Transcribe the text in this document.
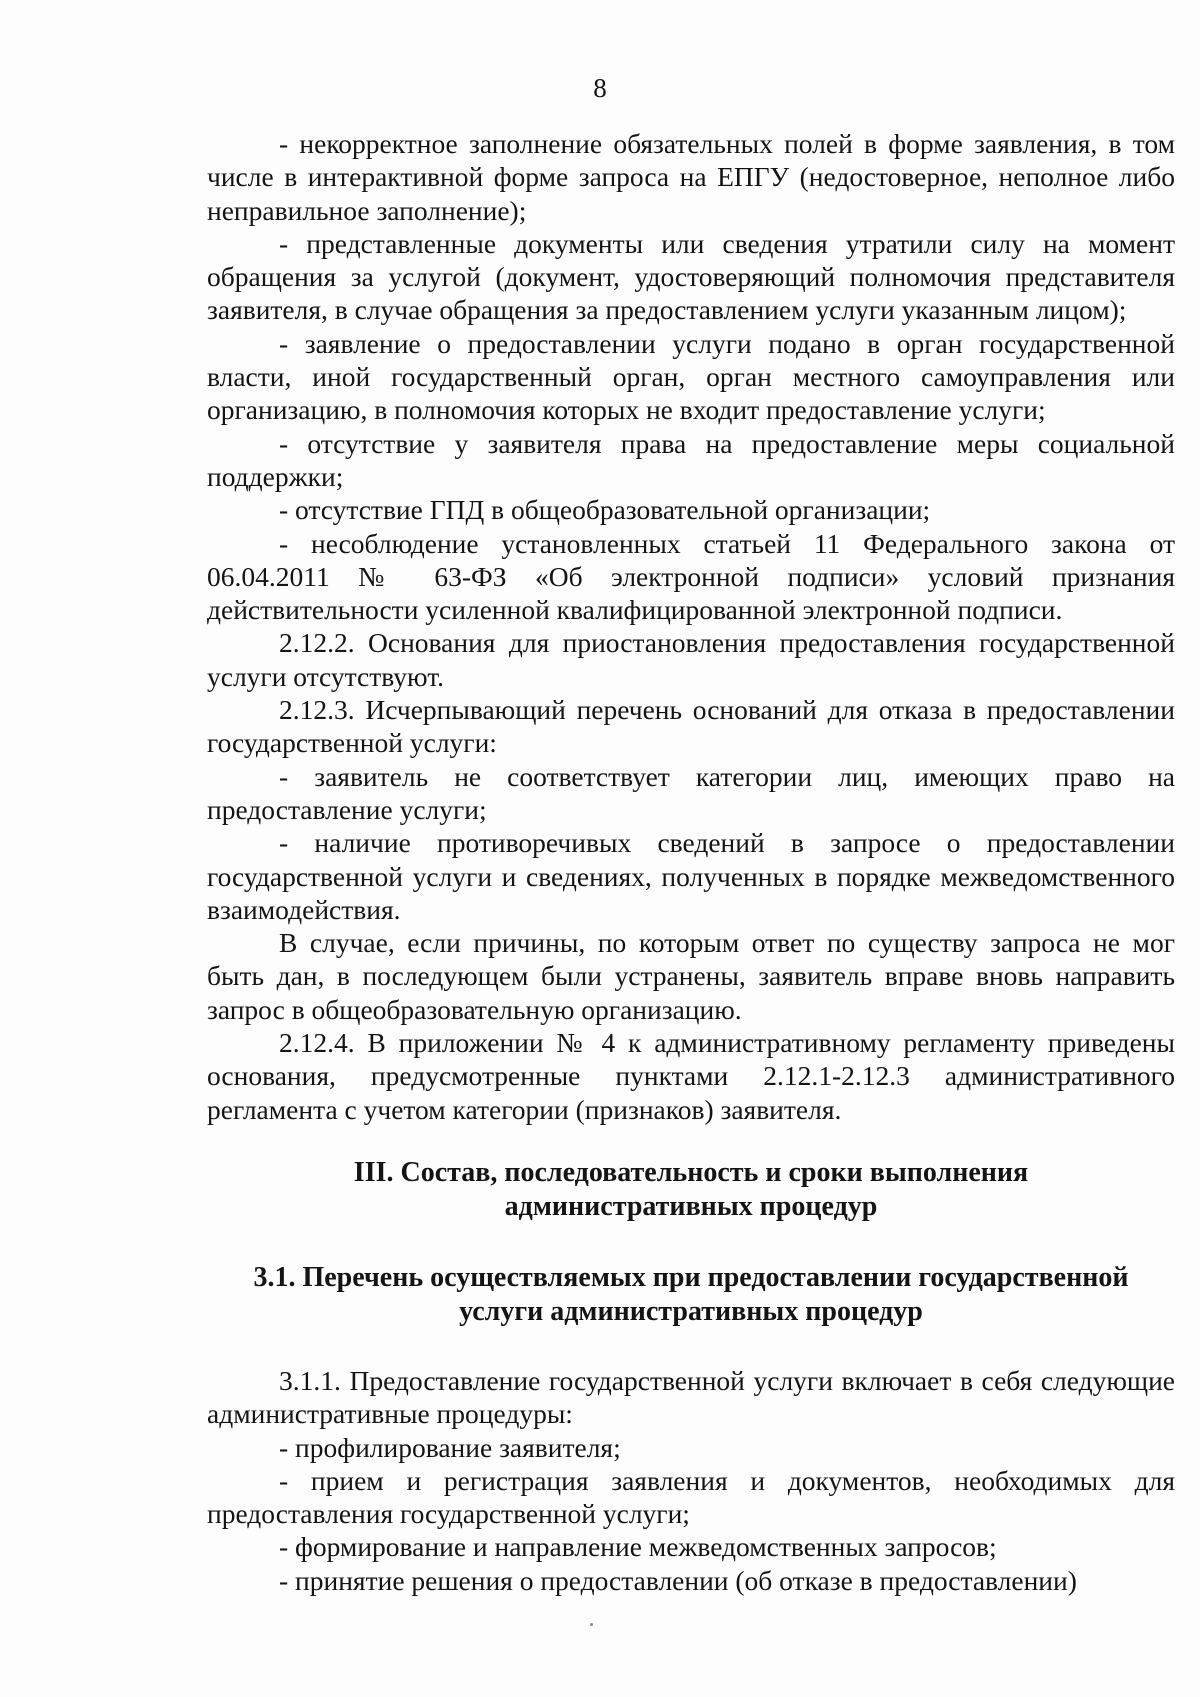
8

- некорректное заполнение обязательных полей в форме заявления, в том числе в интерактивной форме запроса на ЕПГУ (недостоверное, неполное либо неправильное заполнение);

- представленные документы или сведения утратили силу на момент обращения за услугой (документ, удостоверяющий полномочия представителя заявителя, в случае обращения за предоставлением услуги указанным лицом);

- заявление о предоставлении услуги подано в орган государственной власти, иной государственный орган, орган местного самоуправления или организацию, в полномочия которых не входит предоставление услуги;

- отсутствие у заявителя права на предоставление меры социальной поддержки;

- отсутствие ГПД в общеобразовательной организации;

- несоблюдение установленных статьей 11 Федерального закона от 06.04.2011 № 63-ФЗ «Об электронной подписи» условий признания действительности усиленной квалифицированной электронной подписи.

2.12.2. Основания для приостановления предоставления государственной услуги отсутствуют.

2.12.3. Исчерпывающий перечень оснований для отказа в предоставлении государственной услуги:

- заявитель не соответствует категории лиц, имеющих право на предоставление услуги;

- наличие противоречивых сведений в запросе о предоставлении государственной услуги и сведениях, полученных в порядке межведомственного взаимодействия.

В случае, если причины, по которым ответ по существу запроса не мог быть дан, в последующем были устранены, заявитель вправе вновь направить запрос в общеобразовательную организацию.

2.12.4. В приложении № 4 к административному регламенту приведены основания, предусмотренные пунктами 2.12.1-2.12.3 административного регламента с учетом категории (признаков) заявителя.

III. Состав, последовательность и сроки выполнения
административных процедур
3.1. Перечень осуществляемых при предоставлении государственной
услуги административных процедур

3.1.1. Предоставление государственной услуги включает в себя следующие административные процедуры:

- профилирование заявителя;

- прием и регистрация заявления и документов, необходимых для предоставления государственной услуги;

- формирование и направление межведомственных запросов;

- принятие решения о предоставлении (об отказе в предоставлении)
